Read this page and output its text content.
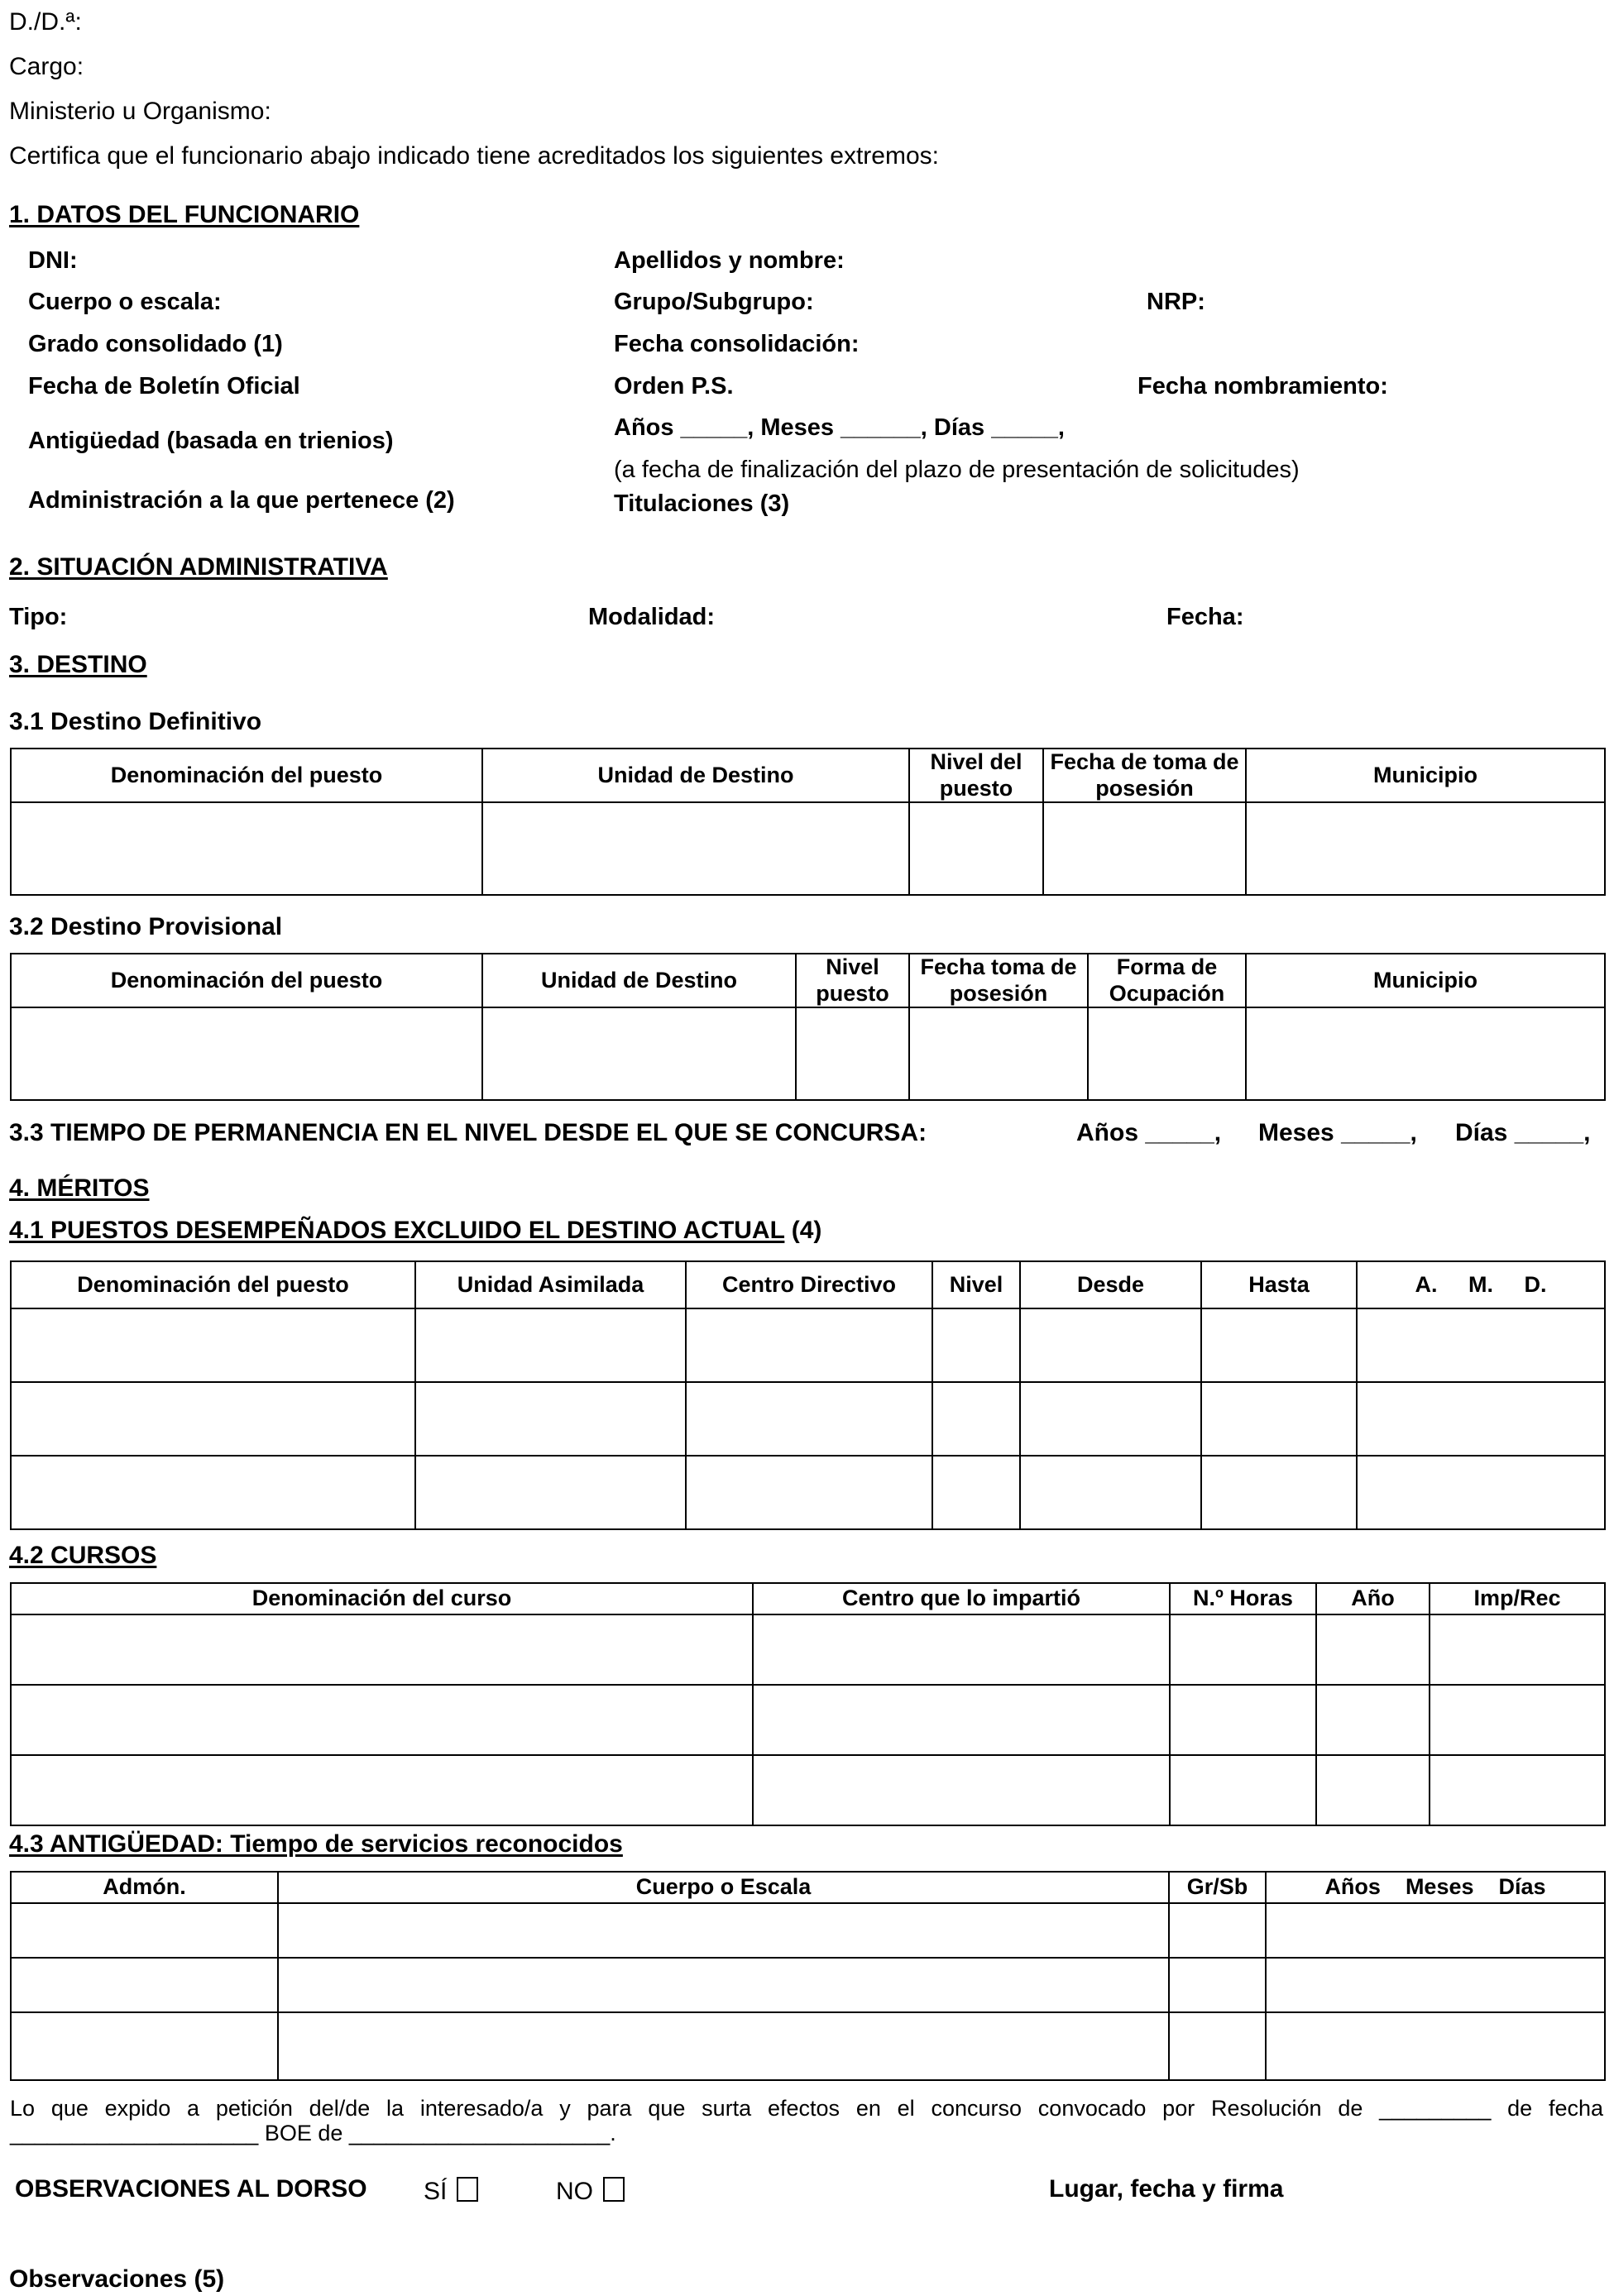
D./D.ª:
Cargo:
Ministerio u Organismo:
Certifica que el funcionario abajo indicado tiene acreditados los siguientes extremos:
1. DATOS DEL FUNCIONARIO
DNI:	Apellidos y nombre:
Cuerpo o escala:	Grupo/Subgrupo:	NRP:
Grado consolidado (1)	Fecha consolidación:
Fecha de Boletín Oficial	Orden P.S.	Fecha nombramiento:
Antigüedad (basada en trienios)	Años _____, Meses ______, Días _____,
(a fecha de finalización del plazo de presentación de solicitudes)
Administración a la que pertenece (2)	Titulaciones (3)
2. SITUACIÓN ADMINISTRATIVA
Tipo:	Modalidad:	Fecha:
3. DESTINO
3.1 Destino Definitivo
Denominación del puesto	Unidad de Destino	Nivel del puesto	Fecha de toma de posesión	Municipio

3.2 Destino Provisional
Denominación del puesto	Unidad de Destino	Nivel puesto	Fecha toma de posesión	Forma de Ocupación	Municipio

3.3 TIEMPO DE PERMANENCIA EN EL NIVEL DESDE EL QUE SE CONCURSA:	Años _____, Meses _____, Días _____,
4. MÉRITOS
4.1 PUESTOS DESEMPEÑADOS EXCLUIDO EL DESTINO ACTUAL (4)
Denominación del puesto	Unidad Asimilada	Centro Directivo	Nivel	Desde	Hasta	A.     M.     D.

4.2 CURSOS
Denominación del curso	Centro que lo impartió	N.º Horas	Año	Imp/Rec

4.3 ANTIGÜEDAD: Tiempo de servicios reconocidos
Admón.	Cuerpo o Escala	Gr/Sb	Años    Meses    Días

Lo que expido a petición del/de la interesado/a y para que surta efectos en el concurso convocado por Resolución de _________ de fecha ____________________ BOE de _____________________.
OBSERVACIONES AL DORSO SÍ	NO	Lugar, fecha y firma
Observaciones (5)
